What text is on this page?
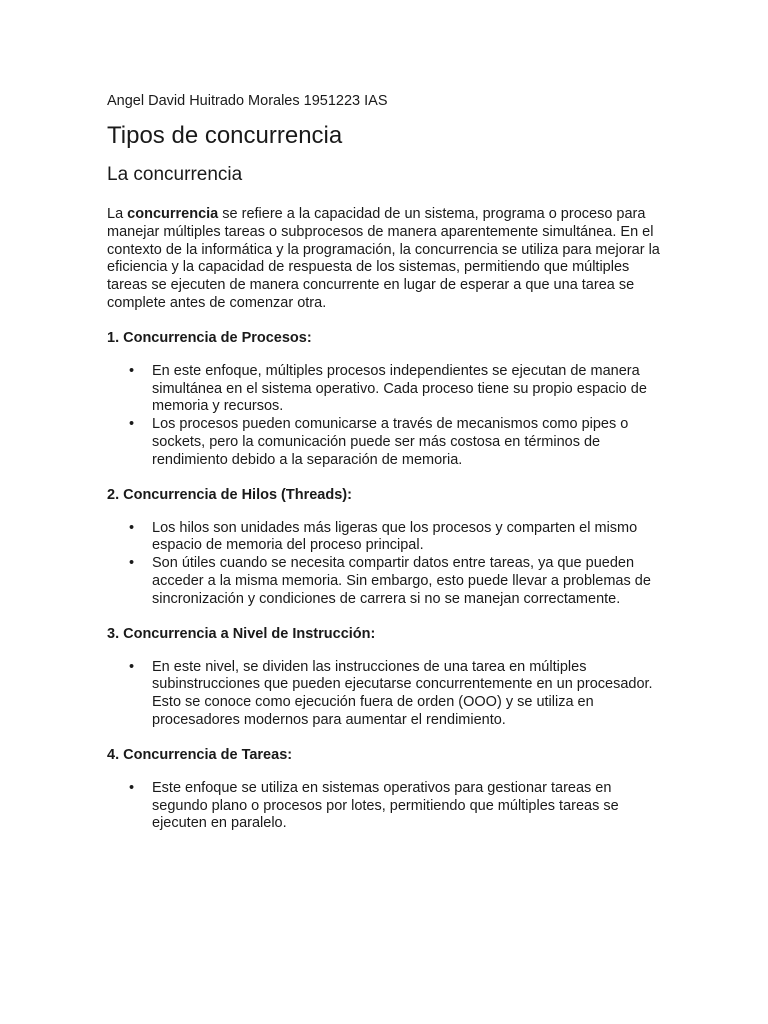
Angel David Huitrado Morales 1951223 IAS

Tipos de concurrencia
La concurrencia

La concurrencia se refiere a la capacidad de un sistema, programa o proceso para manejar múltiples tareas o subprocesos de manera aparentemente simultánea. En el contexto de la informática y la programación, la concurrencia se utiliza para mejorar la eficiencia y la capacidad de respuesta de los sistemas, permitiendo que múltiples tareas se ejecuten de manera concurrente en lugar de esperar a que una tarea se complete antes de comenzar otra.

1. Concurrencia de Procesos:

• En este enfoque, múltiples procesos independientes se ejecutan de manera simultánea en el sistema operativo. Cada proceso tiene su propio espacio de memoria y recursos.
• Los procesos pueden comunicarse a través de mecanismos como pipes o sockets, pero la comunicación puede ser más costosa en términos de rendimiento debido a la separación de memoria.

2. Concurrencia de Hilos (Threads):

• Los hilos son unidades más ligeras que los procesos y comparten el mismo espacio de memoria del proceso principal.
• Son útiles cuando se necesita compartir datos entre tareas, ya que pueden acceder a la misma memoria. Sin embargo, esto puede llevar a problemas de sincronización y condiciones de carrera si no se manejan correctamente.

3. Concurrencia a Nivel de Instrucción:

• En este nivel, se dividen las instrucciones de una tarea en múltiples subinstrucciones que pueden ejecutarse concurrentemente en un procesador. Esto se conoce como ejecución fuera de orden (OOO) y se utiliza en procesadores modernos para aumentar el rendimiento.

4. Concurrencia de Tareas:

• Este enfoque se utiliza en sistemas operativos para gestionar tareas en segundo plano o procesos por lotes, permitiendo que múltiples tareas se ejecuten en paralelo.
